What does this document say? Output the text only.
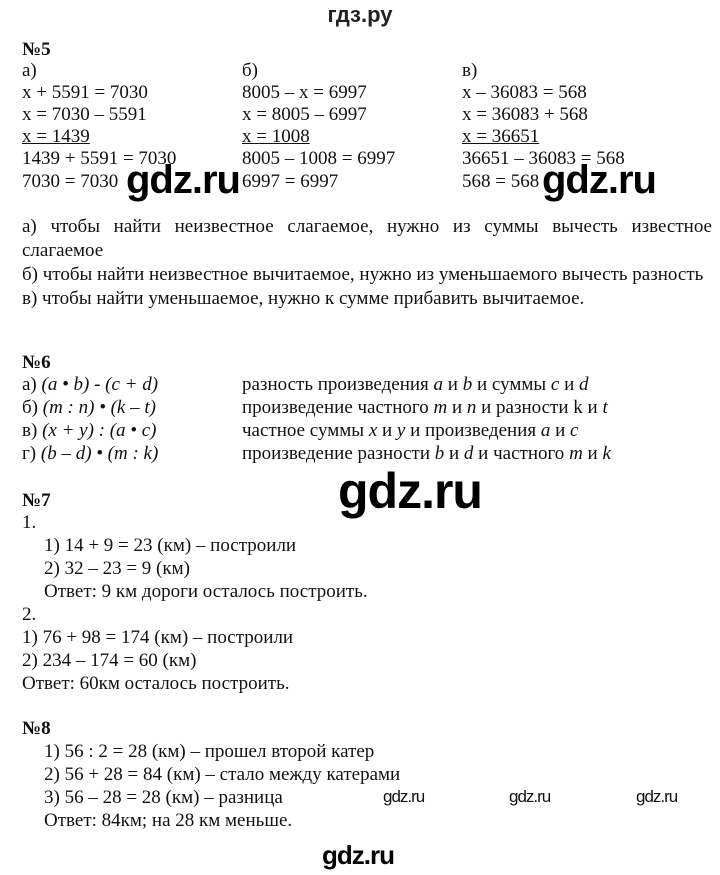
гдз.ру
№5
а)
x + 5591 = 7030
x = 7030 – 5591
x = 1439
1439 + 5591 = 7030
7030 = 7030
б)
8005 – x = 6997
x = 8005 – 6997
x = 1008
8005 – 1008 = 6997
6997 = 6997
в)
x – 36083 = 568
x = 36083 + 568
x = 36651
36651 – 36083 = 568
568 = 568
gdz.ru	gdz.ru

а) чтобы найти неизвестное слагаемое, нужно из суммы вычесть известное слагаемое

б) чтобы найти неизвестное вычитаемое, нужно из уменьшаемого вычесть разность

в) чтобы найти уменьшаемое, нужно к сумме прибавить вычитаемое.

№6
а) (a • b) - (c + d)	разность произведения a и b и суммы c и d
б) (m : n) • (k – t)	произведение частного m и n и разности k и t
в) (x + y) : (a • c)	частное суммы x и y и произведения a и c
г) (b – d) • (m : k)	произведение разности b и d и частного m и k
gdz.ru
№7
1.
1) 14 + 9 = 23 (км) – построили
2) 32 – 23 = 9 (км)
Ответ: 9 км дороги осталось построить.
2.
1) 76 + 98 = 174 (км) – построили
2) 234 – 174 = 60 (км)
Ответ: 60км осталось построить.
№8
1) 56 : 2 = 28 (км) – прошел второй катер
2) 56 + 28 = 84 (км) – стало между катерами
3) 56 – 28 = 28 (км) – разница
Ответ: 84км; на 28 км меньше.
gdz.ru	gdz.ru	gdz.ru
gdz.ru
